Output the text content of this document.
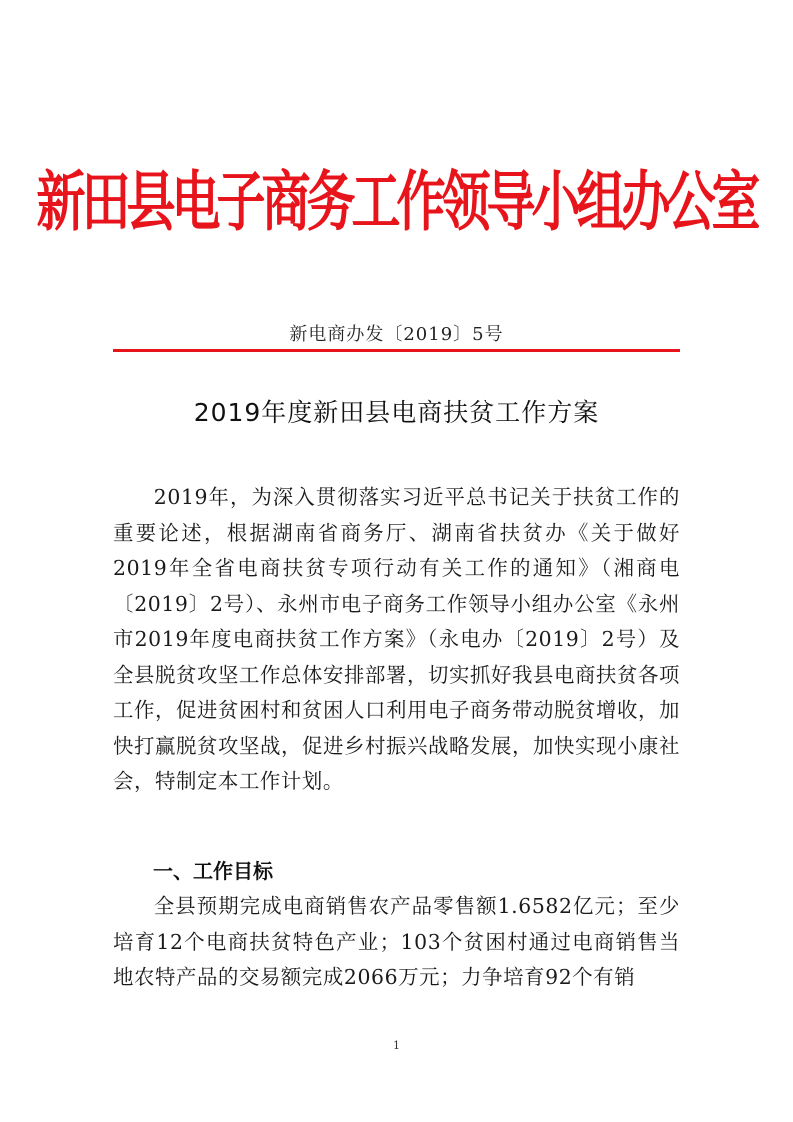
新田县电子商务工作领导小组办公室
新电商办发〔2019〕5号
2019年度新田县电商扶贫工作方案

2019年，为深入贯彻落实习近平总书记关于扶贫工作的重要论述，根据湖南省商务厅、湖南省扶贫办《关于做好2019年全省电商扶贫专项行动有关工作的通知》（湘商电〔2019〕2号）、永州市电子商务工作领导小组办公室《永州市2019年度电商扶贫工作方案》（永电办〔2019〕2号）及全县脱贫攻坚工作总体安排部署，切实抓好我县电商扶贫各项工作，促进贫困村和贫困人口利用电子商务带动脱贫增收，加快打赢脱贫攻坚战，促进乡村振兴战略发展，加快实现小康社会，特制定本工作计划。

一、工作目标

全县预期完成电商销售农产品零售额1.6582亿元；至少培育12个电商扶贫特色产业；103个贫困村通过电商销售当地农特产品的交易额完成2066万元；力争培育92个有销

1
